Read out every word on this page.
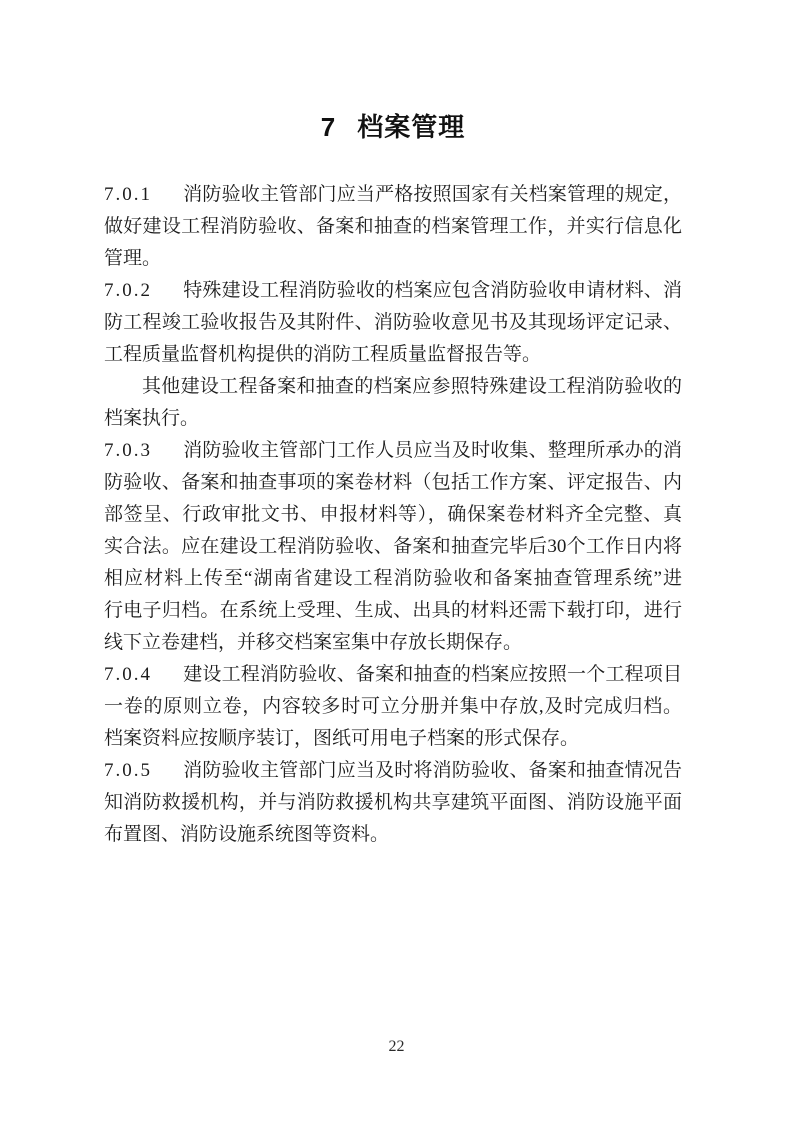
7 档案管理
7.0.1 消防验收主管部门应当严格按照国家有关档案管理的规定，
做好建设工程消防验收、备案和抽查的档案管理工作，并实行信息化
管理。
7.0.2 特殊建设工程消防验收的档案应包含消防验收申请材料、消
防工程竣工验收报告及其附件、消防验收意见书及其现场评定记录、
工程质量监督机构提供的消防工程质量监督报告等。
其他建设工程备案和抽查的档案应参照特殊建设工程消防验收的
档案执行。
7.0.3 消防验收主管部门工作人员应当及时收集、整理所承办的消
防验收、备案和抽查事项的案卷材料（包括工作方案、评定报告、内
部签呈、行政审批文书、申报材料等），确保案卷材料齐全完整、真
实合法。应在建设工程消防验收、备案和抽查完毕后30个工作日内将
相应材料上传至“湖南省建设工程消防验收和备案抽查管理系统”进
行电子归档。在系统上受理、生成、出具的材料还需下载打印，进行
线下立卷建档，并移交档案室集中存放长期保存。
7.0.4 建设工程消防验收、备案和抽查的档案应按照一个工程项目
一卷的原则立卷，内容较多时可立分册并集中存放,及时完成归档。
档案资料应按顺序装订，图纸可用电子档案的形式保存。
7.0.5 消防验收主管部门应当及时将消防验收、备案和抽查情况告
知消防救援机构，并与消防救援机构共享建筑平面图、消防设施平面
布置图、消防设施系统图等资料。
22
